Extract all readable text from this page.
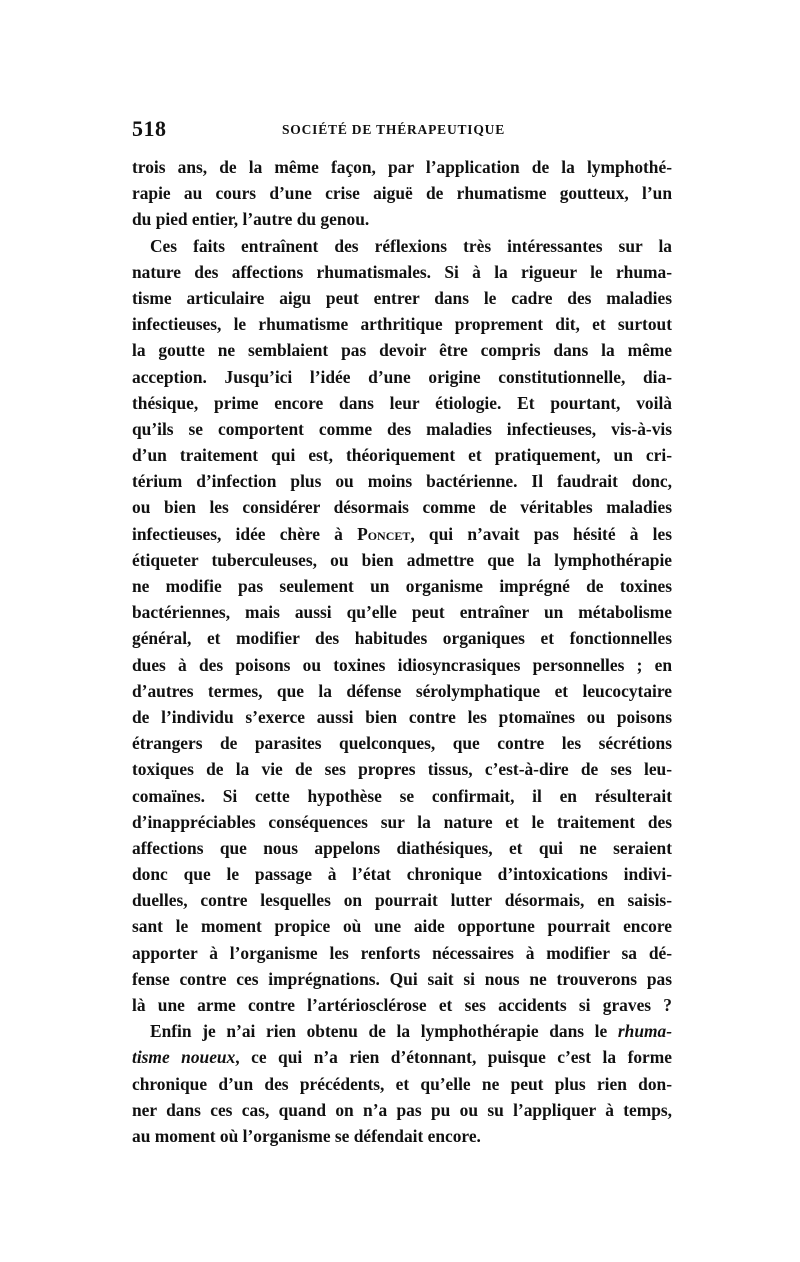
518	SOCIÉTÉ DE THÉRAPEUTIQUE
trois ans, de la même façon, par l’application de la lymphothé-
rapie au cours d’une crise aiguë de rhumatisme goutteux, l’un
du pied entier, l’autre du genou.
Ces faits entraînent des réflexions très intéressantes sur la
nature des affections rhumatismales. Si à la rigueur le rhuma-
tisme articulaire aigu peut entrer dans le cadre des maladies
infectieuses, le rhumatisme arthritique proprement dit, et surtout
la goutte ne semblaient pas devoir être compris dans la même
acception. Jusqu’ici l’idée d’une origine constitutionnelle, dia-
thésique, prime encore dans leur étiologie. Et pourtant, voilà
qu’ils se comportent comme des maladies infectieuses, vis-à-vis
d’un traitement qui est, théoriquement et pratiquement, un cri-
térium d’infection plus ou moins bactérienne. Il faudrait donc,
ou bien les considérer désormais comme de véritables maladies
infectieuses, idée chère à Poncet, qui n’avait pas hésité à les
étiqueter tuberculeuses, ou bien admettre que la lymphothérapie
ne modifie pas seulement un organisme imprégné de toxines
bactériennes, mais aussi qu’elle peut entraîner un métabolisme
général, et modifier des habitudes organiques et fonctionnelles
dues à des poisons ou toxines idiosyncrasiques personnelles ; en
d’autres termes, que la défense sérolymphatique et leucocytaire
de l’individu s’exerce aussi bien contre les ptomaïnes ou poisons
étrangers de parasites quelconques, que contre les sécrétions
toxiques de la vie de ses propres tissus, c’est-à-dire de ses leu-
comaïnes. Si cette hypothèse se confirmait, il en résulterait
d’inappréciables conséquences sur la nature et le traitement des
affections que nous appelons diathésiques, et qui ne seraient
donc que le passage à l’état chronique d’intoxications indivi-
duelles, contre lesquelles on pourrait lutter désormais, en saisis-
sant le moment propice où une aide opportune pourrait encore
apporter à l’organisme les renforts nécessaires à modifier sa dé-
fense contre ces imprégnations. Qui sait si nous ne trouverons pas
là une arme contre l’artériosclérose et ses accidents si graves ?
Enfin je n’ai rien obtenu de la lymphothérapie dans le rhuma-
tisme noueux, ce qui n’a rien d’étonnant, puisque c’est la forme
chronique d’un des précédents, et qu’elle ne peut plus rien don-
ner dans ces cas, quand on n’a pas pu ou su l’appliquer à temps,
au moment où l’organisme se défendait encore.
